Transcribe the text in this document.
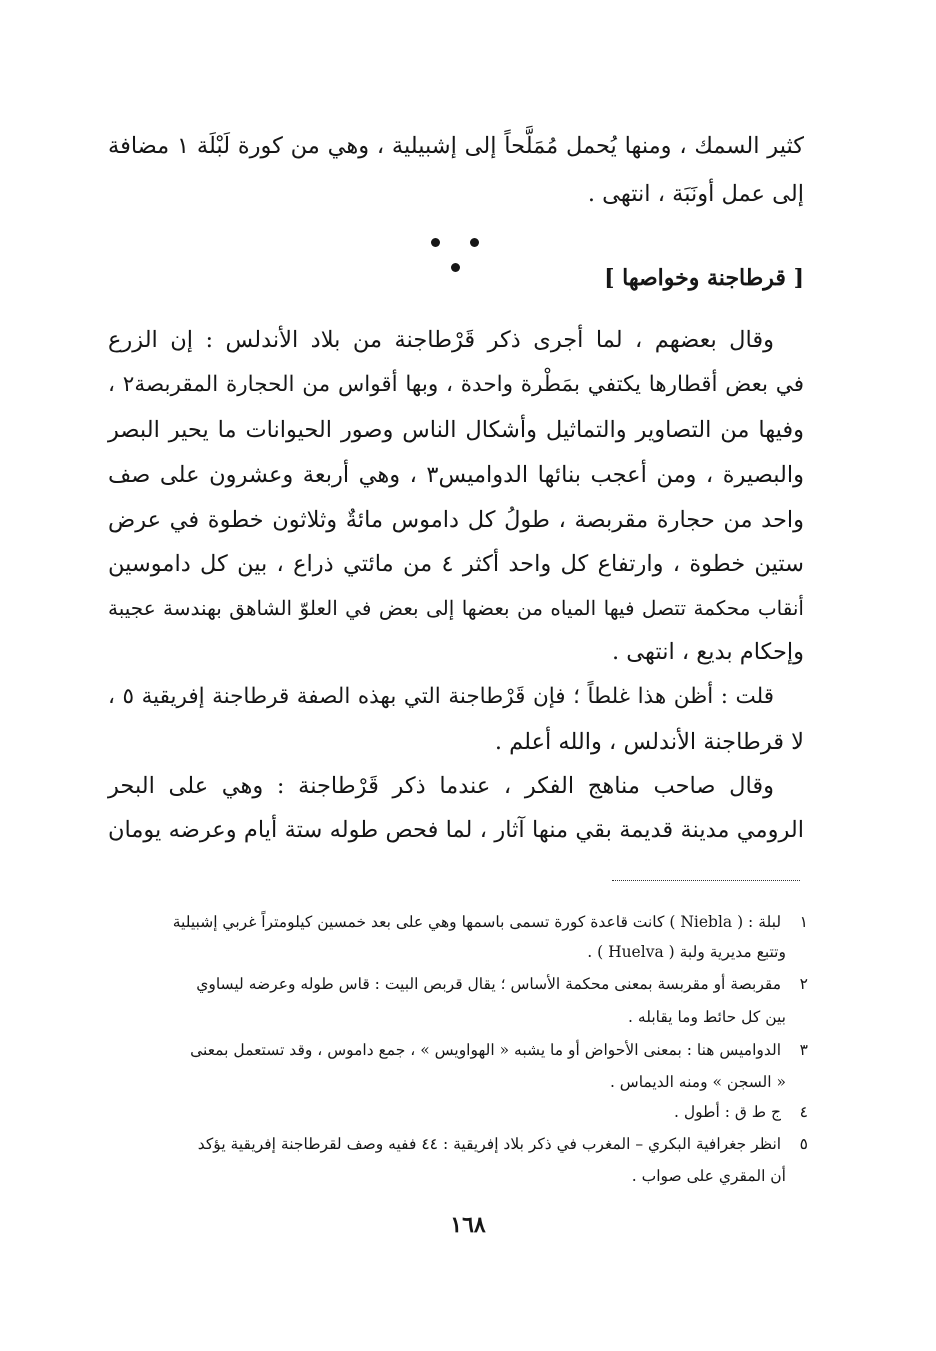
كثير السمك ، ومنها يُحمل مُمَلَّحاً إلى إشبيلية ، وهي من كورة لَبْلَة ١ مضافة
إلى عمل أونَبَة ، انتهى .
[ قرطاجنة وخواصها ]
وقال بعضهم ، لما أجرى ذكر قَرْطاجنة من بلاد الأندلس : إن الزرع
في بعض أقطارها يكتفي بمَطْرة واحدة ، وبها أقواس من الحجارة المقربصة٢ ،
وفيها من التصاوير والتماثيل وأشكال الناس وصور الحيوانات ما يحير البصر
والبصيرة ، ومن أعجب بنائها الدواميس٣ ، وهي أربعة وعشرون على صف
واحد من حجارة مقربصة ، طولُ كل داموس مائةٌ وثلاثون خطوة في عرض
ستين خطوة ، وارتفاع كل واحد أكثر ٤ من مائتي ذراع ، بين كل داموسين
أنقاب محكمة تتصل فيها المياه من بعضها إلى بعض في العلوّ الشاهق بهندسة عجيبة
وإحكام بديع ، انتهى .
قلت : أظن هذا غلطاً ؛ فإن قَرْطاجنة التي بهذه الصفة قرطاجنة إفريقية ٥ ،
لا قرطاجنة الأندلس ، والله أعلم .
وقال صاحب مناهج الفكر ، عندما ذكر قَرْطاجنة : وهي على البحر
الرومي مدينة قديمة بقي منها آثار ، لما فحص طوله ستة أيام وعرضه يومان
١ لبلة : ( Niebla ) كانت قاعدة كورة تسمى باسمها وهي على بعد خمسين كيلومتراً غربي إشبيلية
وتتبع مديرية ولبة ( Huelva ) .
٢ مقربصة أو مقربسة بمعنى محكمة الأساس ؛ يقال قربص البيت : قاس طوله وعرضه ليساوي
بين كل حائط وما يقابله .
٣ الدواميس هنا : بمعنى الأحواض أو ما يشبه « الهواويس » ، جمع داموس ، وقد تستعمل بمعنى
« السجن » ومنه الديماس .
٤ ج ط ق : أطول .
٥ انظر جغرافية البكري – المغرب في ذكر بلاد إفريقية : ٤٤ ففيه وصف لقرطاجنة إفريقية يؤكد
أن المقري على صواب .
١٦٨
